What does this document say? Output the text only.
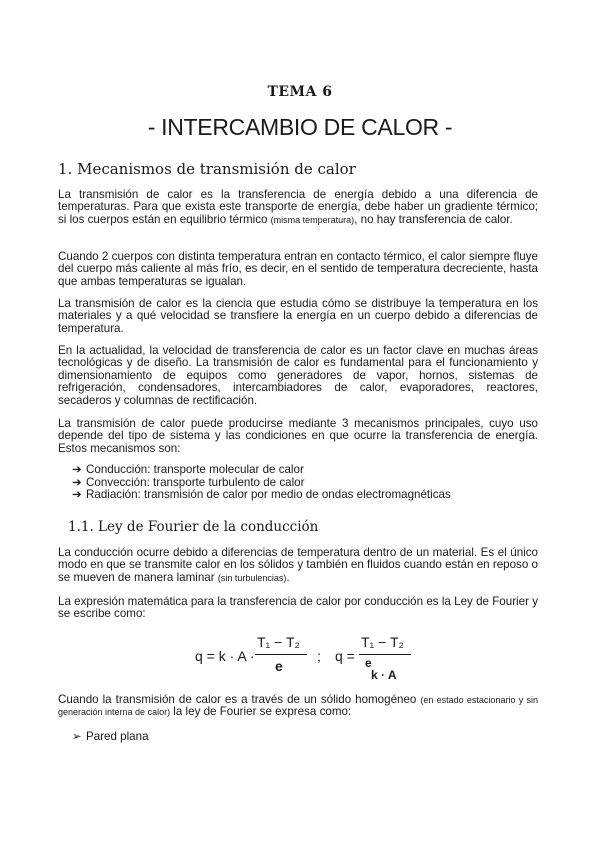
TEMA 6
- INTERCAMBIO DE CALOR -
1. Mecanismos de transmisión de calor
La transmisión de calor es la transferencia de energía debido a una diferencia de temperaturas. Para que exista este transporte de energía, debe haber un gradiente térmico; si los cuerpos están en equilibrio térmico (misma temperatura), no hay transferencia de calor.
Cuando 2 cuerpos con distinta temperatura entran en contacto térmico, el calor siempre fluye del cuerpo más caliente al más frío, es decir, en el sentido de temperatura decreciente, hasta que ambas temperaturas se igualan.
La transmisión de calor es la ciencia que estudia cómo se distribuye la temperatura en los materiales y a qué velocidad se transfiere la energía en un cuerpo debido a diferencias de temperatura.
En la actualidad, la velocidad de transferencia de calor es un factor clave en muchas áreas tecnológicas y de diseño. La transmisión de calor es fundamental para el funcionamiento y dimensionamiento de equipos como generadores de vapor, hornos, sistemas de refrigeración, condensadores, intercambiadores de calor, evaporadores, reactores, secaderos y columnas de rectificación.
La transmisión de calor puede producirse mediante 3 mecanismos principales, cuyo uso depende del tipo de sistema y las condiciones en que ocurre la transferencia de energía. Estos mecanismos son:
➔ Conducción: transporte molecular de calor
➔ Convección: transporte turbulento de calor
➔ Radiación: transmisión de calor por medio de ondas electromagnéticas
1.1. Ley de Fourier de la conducción
La conducción ocurre debido a diferencias de temperatura dentro de un material. Es el único modo en que se transmite calor en los sólidos y también en fluidos cuando están en reposo o se mueven de manera laminar (sin turbulencias).
La expresión matemática para la transferencia de calor por conducción es la Ley de Fourier y se escribe como:
q = k · A ·
T₁ − T₂
e
; q =
T₁ − T₂
e
k · A
Cuando la transmisión de calor es a través de un sólido homogéneo (en estado estacionario y sin generación interna de calor) la ley de Fourier se expresa como:
➢ Pared plana
